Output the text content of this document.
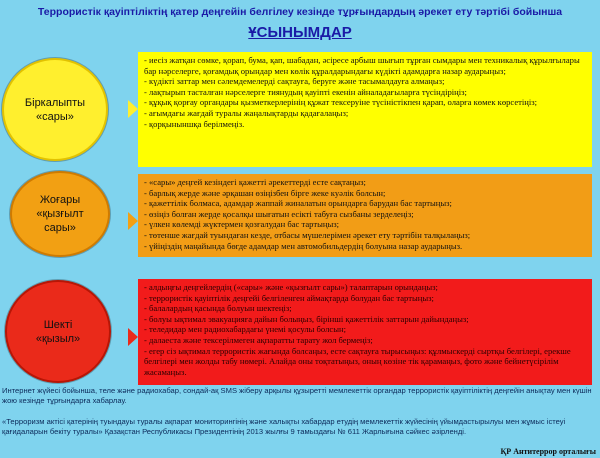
Террористік қауіптіліктің қатер деңгейін белгілеу кезінде тұрғындардың әрекет ету тәртібі бойынша
ҰСЫНЫМДАР
Біркалыпты «сары»
- иесіз жатқан сөмке, қорап, бума, қап, шабадан, әсіресе арбыш шығып тұрған сымдары мен техникалық құрылғылары бар нәрселерге, қоғамдық орындар мен көлік құралдарындағы күдікті адамдарға назар аударыңыз;
- күдікті заттар мен сәлемдемелерді сақтауға, беруге және тасымалдауға алмаңыз;
- лақтырып тасталған нәрселерге тиянудың қауіпті екенін айналадағыларға түсіндіріңіз;
- құқық қорғау органдары қызметкерлерінің құжат тексеруіне түсіністікпен қарап, оларға көмек көрсетіңіз;
- ағымдағы жағдай туралы жаңалықтарды қадағалаңыз;
- қорқыныншқа берілмеңіз.
Жоғары «қызғылт сары»
- «сары» деңгей кезіндегі қажетті әрекеттерді есте сақтаңыз;
- барлық жерде және әрқашан өзіңізбен бірге жеке куәлік болсын;
- қажеттілік болмаса, адамдар жаппай жиналатын орындарға барудан бас тартыңыз;
- өзіңіз болған жерде қосалқы шығатын есікті табуға сызбаны зерделеңіз;
- үлкен көлемді жүктермен қозғалудан бас тартыңыз;
- төтенше жағдай туындаған кезде, отбасы мүшелерімен әрекет ету тәртібін талқылаңыз;
- үйіңіздің маңайында бөгде адамдар мен автомобильдердің болуына назар аударыңыз.
Шекті «қызыл»
- алдыңғы деңгейлердің («сары» және «қызғылт сары») талаптарын орындаңыз;
- террористік қауіптілік деңгейі белгіленген аймақтарда болудан бас тартыңыз;
- балалардың қасында болуын шектеңіз;
- болуы ықтимал эвакуацияға дайын болыңыз, бірінші қажеттілік заттарын дайындаңыз;
- теледидар мен радиохабардағы үнемі қосулы болсын;
- далаеста және тексерілмеген ақпаратты тарату жол бермеңіз;
- егер сіз ықтимал террористік жағында болсаңыз, есте сақтауға тырысыңыз: құлмыскерді сыртқы белгілері, ерекше белгілері мен жолды табу нөмері. Алайда оны тоқтатыңыз, оның көзіне тік қарамаңыз, фото және бейнетүсірілім жасамаңыз.
Интернет жүйесі бойынша, теле және радиохабар, сондай-ақ SMS жіберу арқылы құзыретті мемлекеттік органдар террористік қауіптіліктің деңгейін анықтау мен күшін жою кезінде тұрғындарға хабарлау.
«Терроризм актісі қатерінің туындауы туралы ақпарат мониторингінің және халықты хабардар етудің мемлекеттік жүйесінің үйымдастырылуы мен жұмыс істеуі қағидаларын бекіту туралы» Қазақстан Республикасы Президентінің 2013 жылғы 9 тамыздағы № 611 Жарлығына сәйкес әзірленді.
ҚР Антитеррор орталығы
